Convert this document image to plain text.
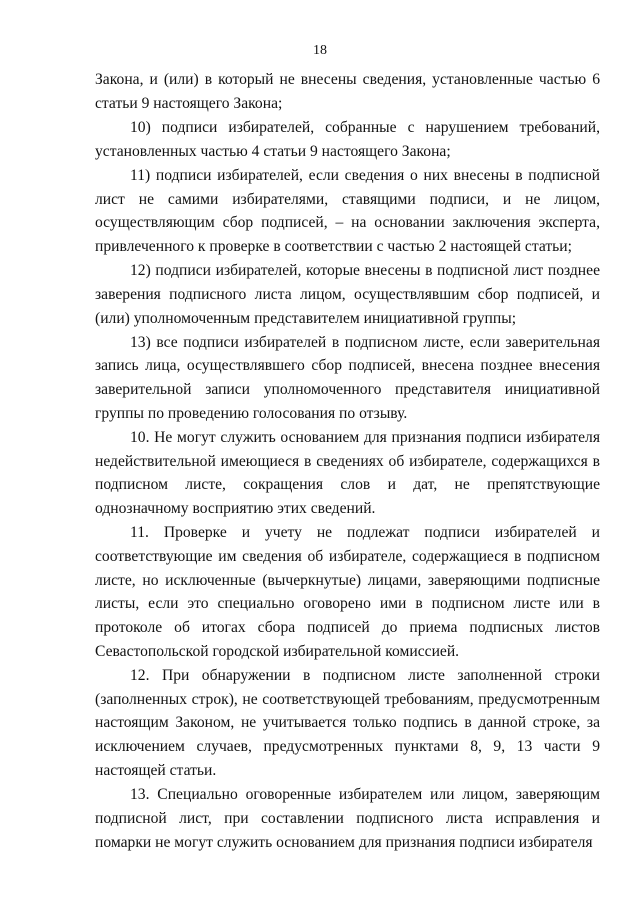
18

Закона, и (или) в который не внесены сведения, установленные частью 6 статьи 9 настоящего Закона;

10) подписи избирателей, собранные с нарушением требований, установленных частью 4 статьи 9 настоящего Закона;

11) подписи избирателей, если сведения о них внесены в подписной лист не самими избирателями, ставящими подписи, и не лицом, осуществляющим сбор подписей, – на основании заключения эксперта, привлеченного к проверке в соответствии с частью 2 настоящей статьи;

12) подписи избирателей, которые внесены в подписной лист позднее заверения подписного листа лицом, осуществлявшим сбор подписей, и (или) уполномоченным представителем инициативной группы;

13) все подписи избирателей в подписном листе, если заверительная запись лица, осуществлявшего сбор подписей, внесена позднее внесения заверительной записи уполномоченного представителя инициативной группы по проведению голосования по отзыву.

10. Не могут служить основанием для признания подписи избирателя недействительной имеющиеся в сведениях об избирателе, содержащихся в подписном листе, сокращения слов и дат, не препятствующие однозначному восприятию этих сведений.

11. Проверке и учету не подлежат подписи избирателей и соответствующие им сведения об избирателе, содержащиеся в подписном листе, но исключенные (вычеркнутые) лицами, заверяющими подписные листы, если это специально оговорено ими в подписном листе или в протоколе об итогах сбора подписей до приема подписных листов Севастопольской городской избирательной комиссией.

12. При обнаружении в подписном листе заполненной строки (заполненных строк), не соответствующей требованиям, предусмотренным настоящим Законом, не учитывается только подпись в данной строке, за исключением случаев, предусмотренных пунктами 8, 9, 13 части 9 настоящей статьи.

13. Специально оговоренные избирателем или лицом, заверяющим подписной лист, при составлении подписного листа исправления и помарки не могут служить основанием для признания подписи избирателя
